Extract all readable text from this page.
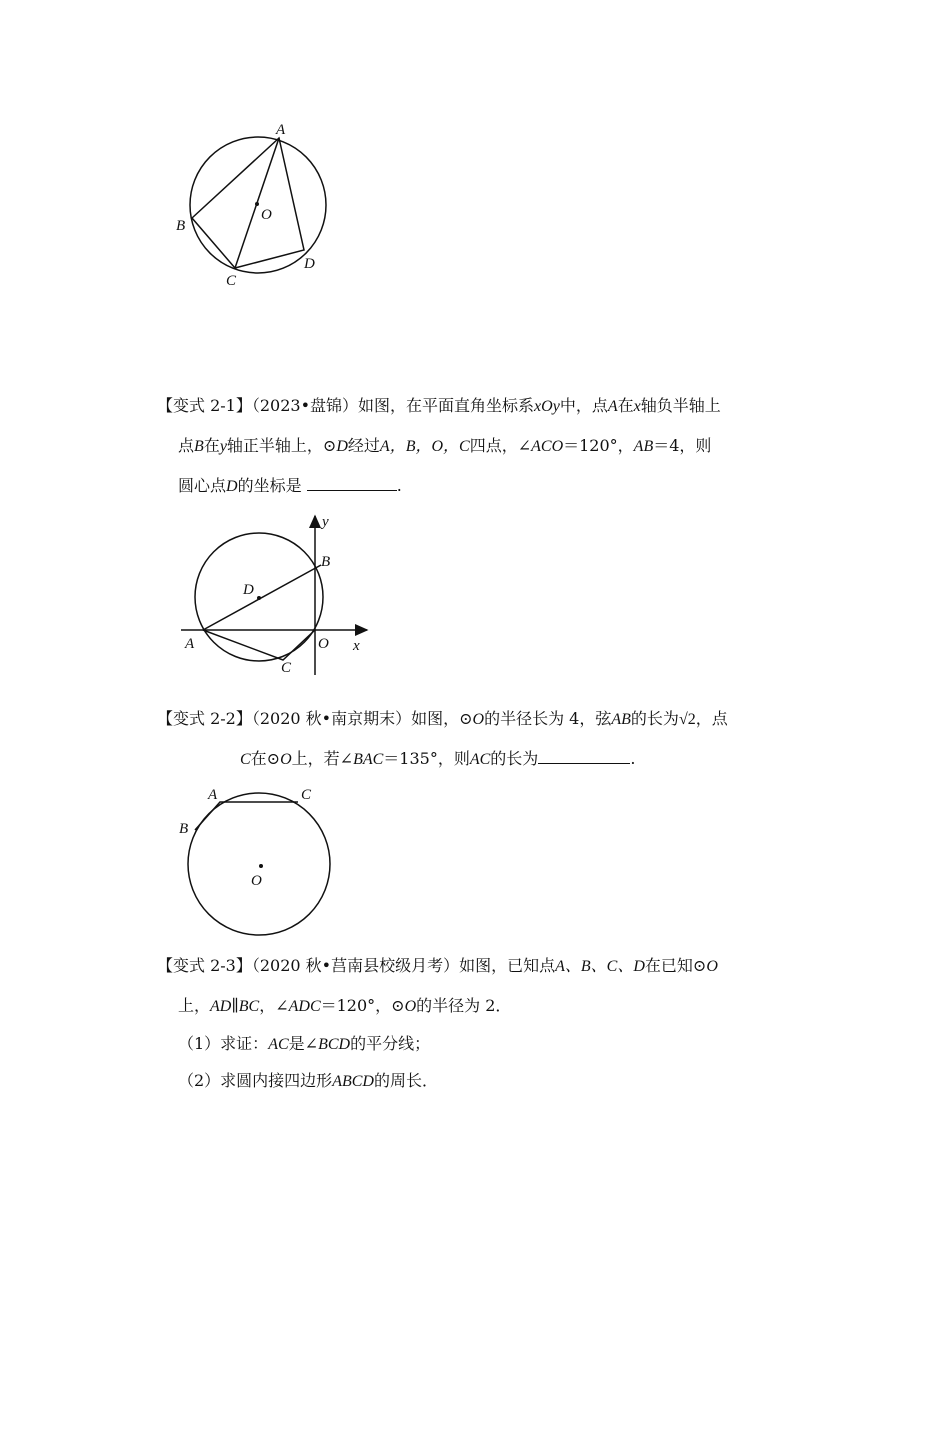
A
B
C
D
O
【变式 2-1】（2023•盘锦）如图，在平面直角坐标系xOy中，点A在x轴负半轴上
点B在y轴正半轴上，⊙D经过A，B，O，C四点，∠ACO＝120°，AB＝4，则
圆心点D的坐标是	.
y
x
B
D
A	O
C
【变式 2-2】（2020 秋•南京期末）如图，⊙O的半径长为 4，弦AB的长为√2，点
C在⊙O上，若∠BAC＝135°，则AC的长为	.
A	C
B
O
【变式 2-3】（2020 秋•莒南县校级月考）如图，已知点A、B、C、D在已知⊙O
上，AD∥BC，∠ADC＝120°，⊙O的半径为 2．
（1）求证：AC是∠BCD的平分线；
（2）求圆内接四边形ABCD的周长．
